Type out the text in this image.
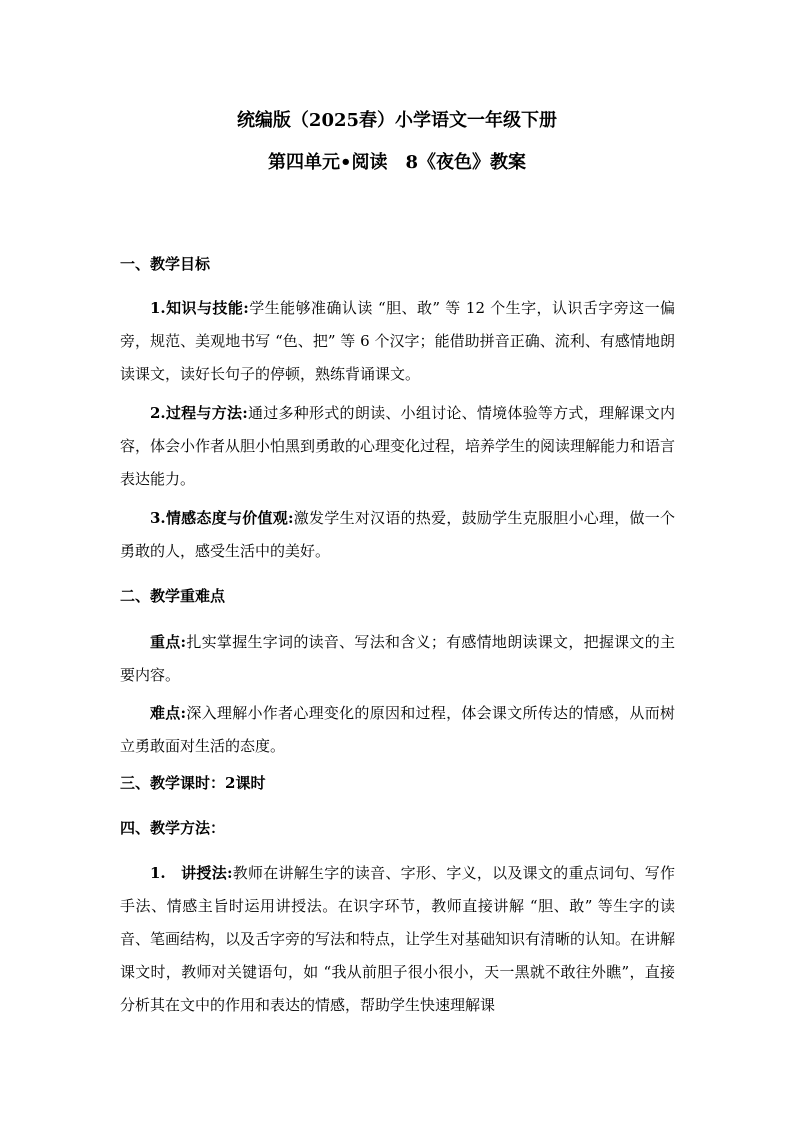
统编版（2025春）小学语文一年级下册
第四单元•阅读　8《夜色》教案
一、教学目标
1.知识与技能:学生能够准确认读 “胆、敢” 等 12 个生字，认识舌字旁这一偏旁，规范、美观地书写 “色、把” 等 6 个汉字；能借助拼音正确、流利、有感情地朗读课文，读好长句子的停顿，熟练背诵课文。
2.过程与方法:通过多种形式的朗读、小组讨论、情境体验等方式，理解课文内容，体会小作者从胆小怕黑到勇敢的心理变化过程，培养学生的阅读理解能力和语言表达能力。
3.情感态度与价值观:激发学生对汉语的热爱，鼓励学生克服胆小心理，做一个勇敢的人，感受生活中的美好。
二、教学重难点
重点:扎实掌握生字词的读音、写法和含义；有感情地朗读课文，把握课文的主要内容。
难点:深入理解小作者心理变化的原因和过程，体会课文所传达的情感，从而树立勇敢面对生活的态度。
三、教学课时：2课时
四、教学方法：
1.　讲授法:教师在讲解生字的读音、字形、字义，以及课文的重点词句、写作手法、情感主旨时运用讲授法。在识字环节，教师直接讲解 “胆、敢” 等生字的读音、笔画结构，以及舌字旁的写法和特点，让学生对基础知识有清晰的认知。在讲解课文时，教师对关键语句，如 “我从前胆子很小很小，天一黑就不敢往外瞧”，直接分析其在文中的作用和表达的情感，帮助学生快速理解课
